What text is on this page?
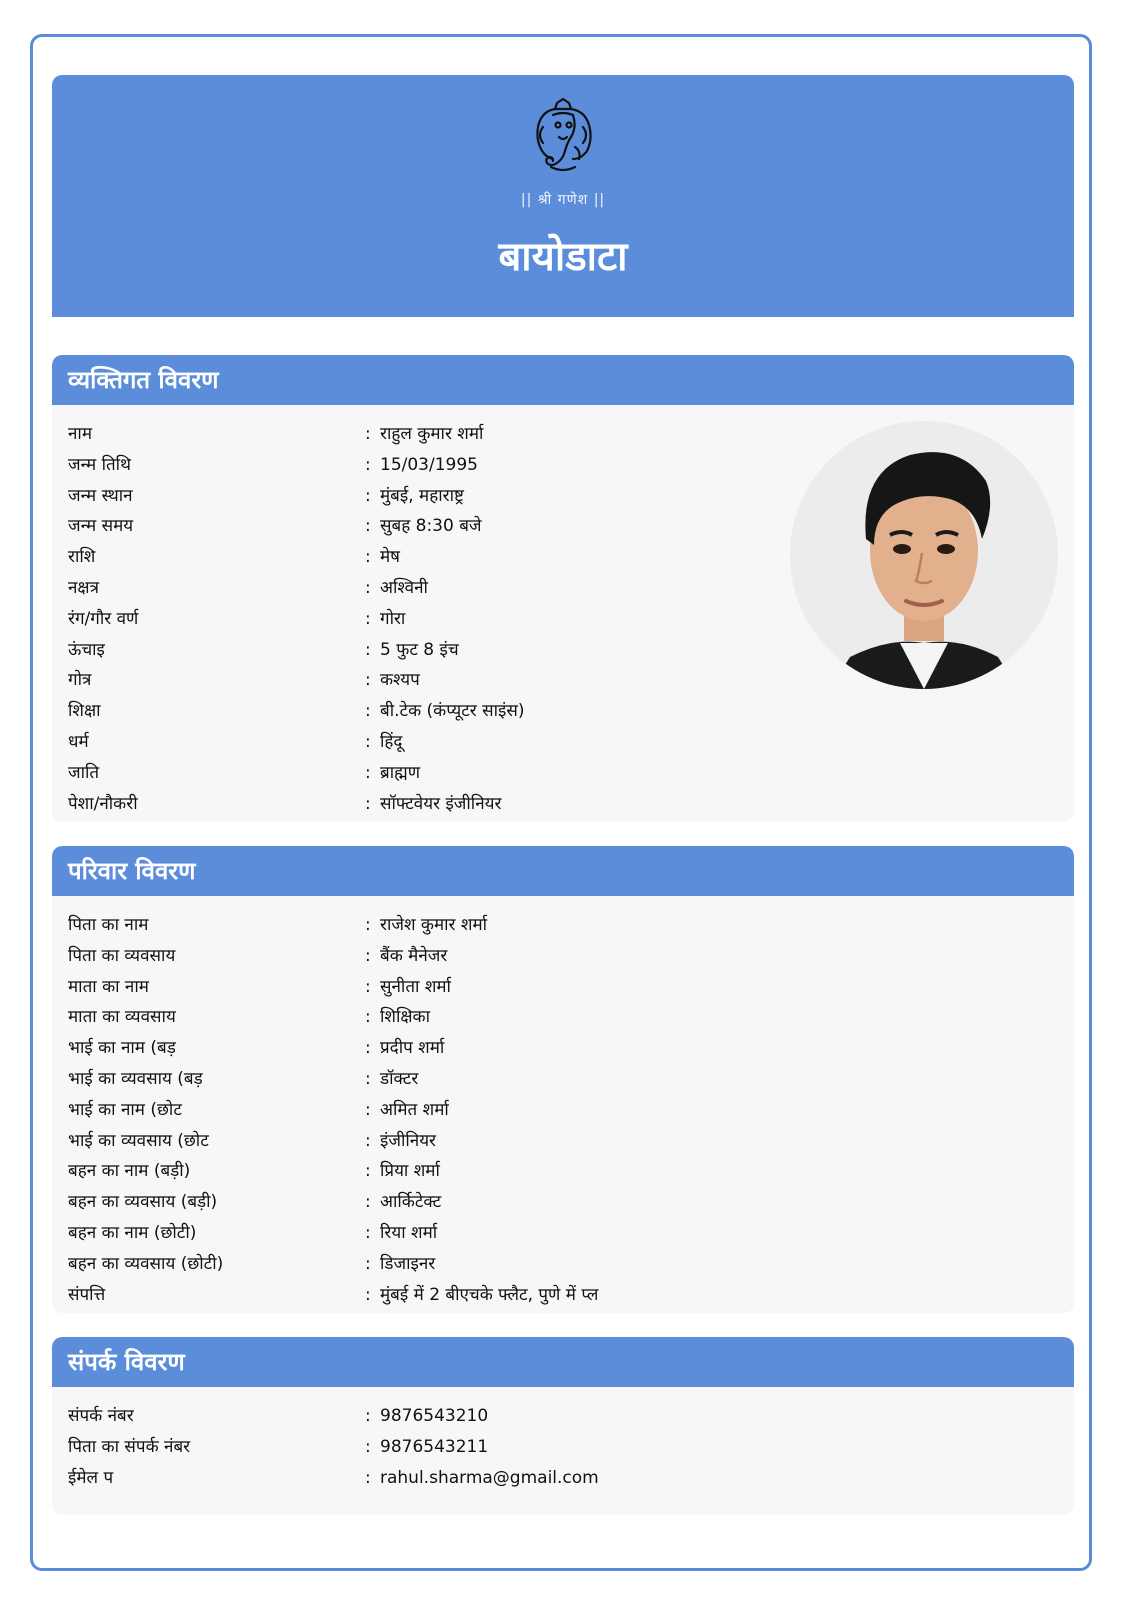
|| श्री गणेश ||
बायोडाटा
व्यक्तिगत विवरण
नाम	: राहुल कुमार शर्मा
जन्म तिथि	: 15/03/1995
जन्म स्थान	: मुंबई, महाराष्ट्र
जन्म समय	: सुबह 8:30 बजे
राशि	: मेष
नक्षत्र	: अश्विनी
रंग/गौर वर्ण	: गोरा
ऊंचाइ	: 5 फुट 8 इंच
गोत्र	: कश्यप
शिक्षा	: बी.टेक (कंप्यूटर साइंस)
धर्म	: हिंदू
जाति	: ब्राह्मण
पेशा/नौकरी	: सॉफ्टवेयर इंजीनियर
परिवार विवरण
पिता का नाम	: राजेश कुमार शर्मा
पिता का व्यवसाय	: बैंक मैनेजर
माता का नाम	: सुनीता शर्मा
माता का व्यवसाय	: शिक्षिका
भाई का नाम (बड़	: प्रदीप शर्मा
भाई का व्यवसाय (बड़	: डॉक्टर
भाई का नाम (छोट	: अमित शर्मा
भाई का व्यवसाय (छोट	: इंजीनियर
बहन का नाम (बड़ी)	: प्रिया शर्मा
बहन का व्यवसाय (बड़ी)	: आर्किटेक्ट
बहन का नाम (छोटी)	: रिया शर्मा
बहन का व्यवसाय (छोटी)	: डिजाइनर
संपत्ति	: मुंबई में 2 बीएचके फ्लैट, पुणे में प्ल
संपर्क विवरण
संपर्क नंबर	: 9876543210
पिता का संपर्क नंबर	: 9876543211
ईमेल प	: rahul.sharma@gmail.com
